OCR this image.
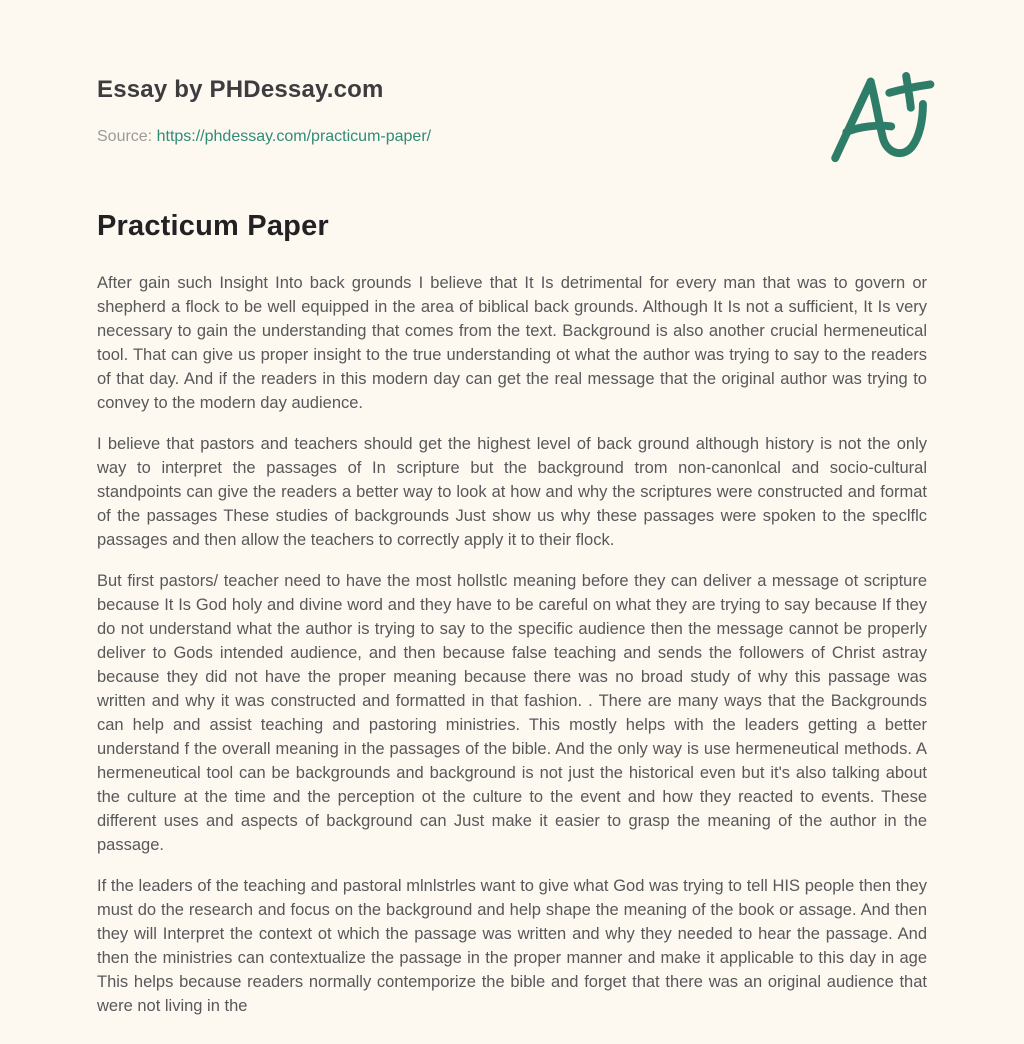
Essay by PHDessay.com

Source: https://phdessay.com/practicum-paper/

Practicum Paper

After gain such Insight Into back grounds I believe that It Is detrimental for every man that was to govern or shepherd a flock to be well equipped in the area of biblical back grounds. Although It Is not a sufficient, It Is very necessary to gain the understanding that comes from the text. Background is also another crucial hermeneutical tool. That can give us proper insight to the true understanding ot what the author was trying to say to the readers of that day. And if the readers in this modern day can get the real message that the original author was trying to convey to the modern day audience.

I believe that pastors and teachers should get the highest level of back ground although history is not the only way to interpret the passages of In scripture but the background trom non-canonlcal and socio-cultural standpoints can give the readers a better way to look at how and why the scriptures were constructed and format of the passages These studies of backgrounds Just show us why these passages were spoken to the speclflc passages and then allow the teachers to correctly apply it to their flock.

But first pastors/ teacher need to have the most hollstlc meaning before they can deliver a message ot scripture because It Is God holy and divine word and they have to be careful on what they are trying to say because If they do not understand what the author is trying to say to the specific audience then the message cannot be properly deliver to Gods intended audience, and then because false teaching and sends the followers of Christ astray because they did not have the proper meaning because there was no broad study of why this passage was written and why it was constructed and formatted in that fashion. . There are many ways that the Backgrounds can help and assist teaching and pastoring ministries. This mostly helps with the leaders getting a better understand f the overall meaning in the passages of the bible. And the only way is use hermeneutical methods. A hermeneutical tool can be backgrounds and background is not just the historical even but it's also talking about the culture at the time and the perception ot the culture to the event and how they reacted to events. These different uses and aspects of background can Just make it easier to grasp the meaning of the author in the passage.

If the leaders of the teaching and pastoral mlnlstrles want to give what God was trying to tell HIS people then they must do the research and focus on the background and help shape the meaning of the book or assage. And then they will Interpret the context ot which the passage was written and why they needed to hear the passage. And then the ministries can contextualize the passage in the proper manner and make it applicable to this day in age This helps because readers normally contemporize the bible and forget that there was an original audience that were not living in the
